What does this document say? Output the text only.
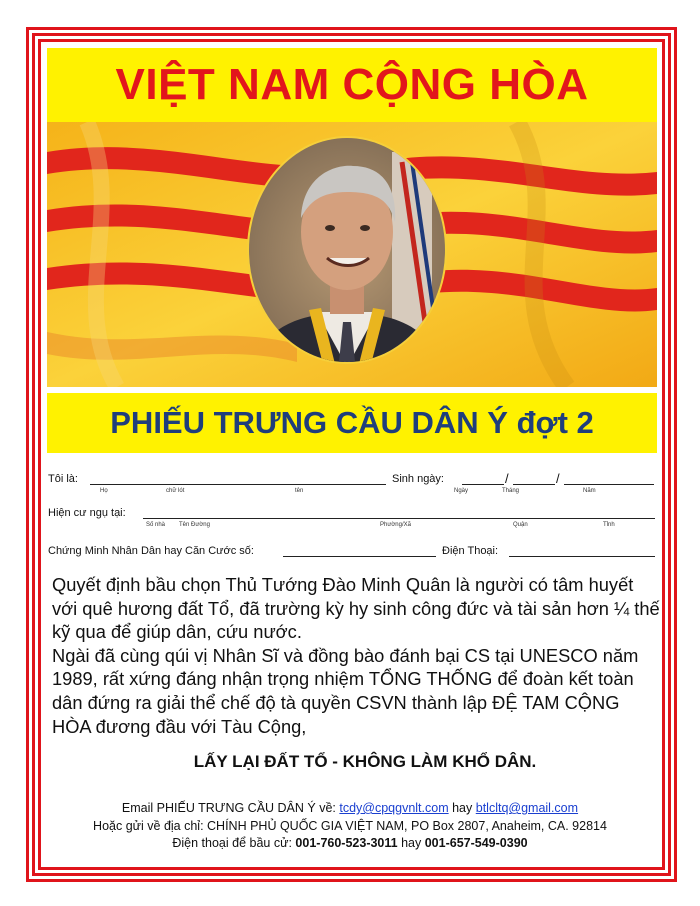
VIỆT NAM CỘNG HÒA
PHIẾU TRƯNG CẦU DÂN Ý đợt 2
Tôi là:	Sinh ngày:	/	/
Họ	chữ lót	tên	Ngày	Tháng	Năm
Hiện cư ngụ tại:
Số nhà Tên Đường	Phường/Xã	Quận	Tỉnh
Chứng Minh Nhân Dân hay Căn Cước số:	Điện Thoại:

Quyết định bầu chọn Thủ Tướng Đào Minh Quân là người có tâm huyết với quê hương đất Tổ, đã trường kỳ hy sinh công đức và tài sản hơn ¼ thế kỹ qua để giúp dân, cứu nước.

Ngài đã cùng qúi vị Nhân Sĩ và đồng bào đánh bại CS tại UNESCO năm 1989, rất xứng đáng nhận trọng nhiệm TỔNG THỐNG để đoàn kết toàn dân đứng ra giải thể chế độ tà quyền CSVN thành lập ĐỆ TAM CỘNG HÒA đương đầu với Tàu Cộng,

LẤY LẠI ĐẤT TỔ - KHÔNG LÀM KHỔ DÂN.
Email PHIẾU TRƯNG CẦU DÂN Ý về: tcdy@cpqgvnlt.com hay btlcltq@gmail.com
Hoặc gửi về địa chỉ: CHÍNH PHỦ QUỐC GIA VIỆT NAM, PO Box 2807, Anaheim, CA. 92814
Điện thoại để bầu cử: 001-760-523-3011 hay 001-657-549-0390
